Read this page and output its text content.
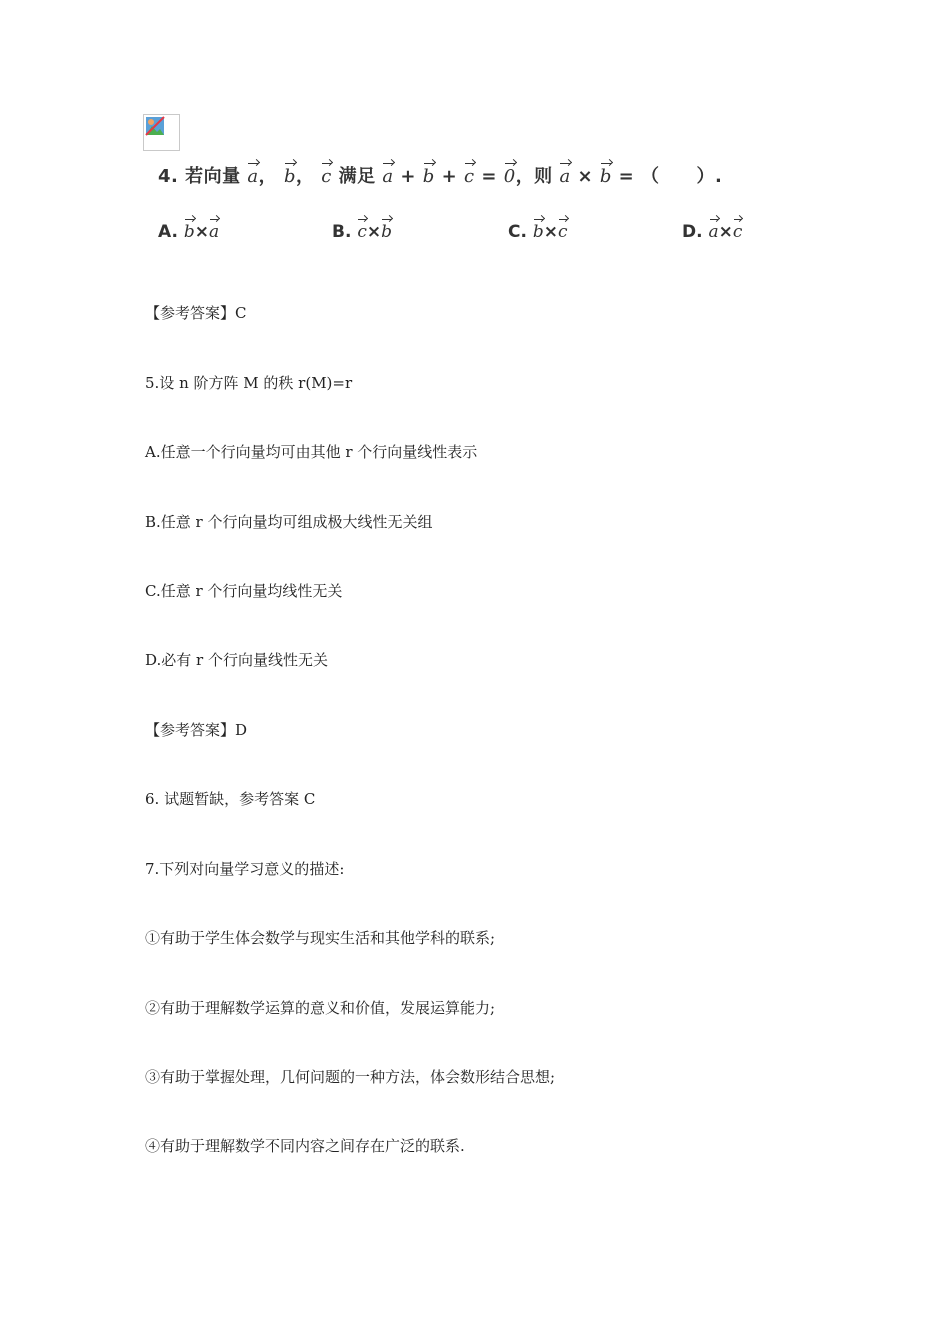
4. 若向量 a， b， c 满足 a + b + c = 0，则 a × b = （　　）.
A. b×a	B. c×b	C. b×c	D. a×c
【参考答案】C
5.设 n 阶方阵 M 的秩 r(M)=r
A.任意一个行向量均可由其他 r 个行向量线性表示
B.任意 r 个行向量均可组成极大线性无关组
C.任意 r 个行向量均线性无关
D.必有 r 个行向量线性无关
【参考答案】D
6. 试题暂缺，参考答案 C
7.下列对向量学习意义的描述:
①有助于学生体会数学与现实生活和其他学科的联系;
②有助于理解数学运算的意义和价值，发展运算能力;
③有助于掌握处理，几何问题的一种方法，体会数形结合思想;
④有助于理解数学不同内容之间存在广泛的联系.
